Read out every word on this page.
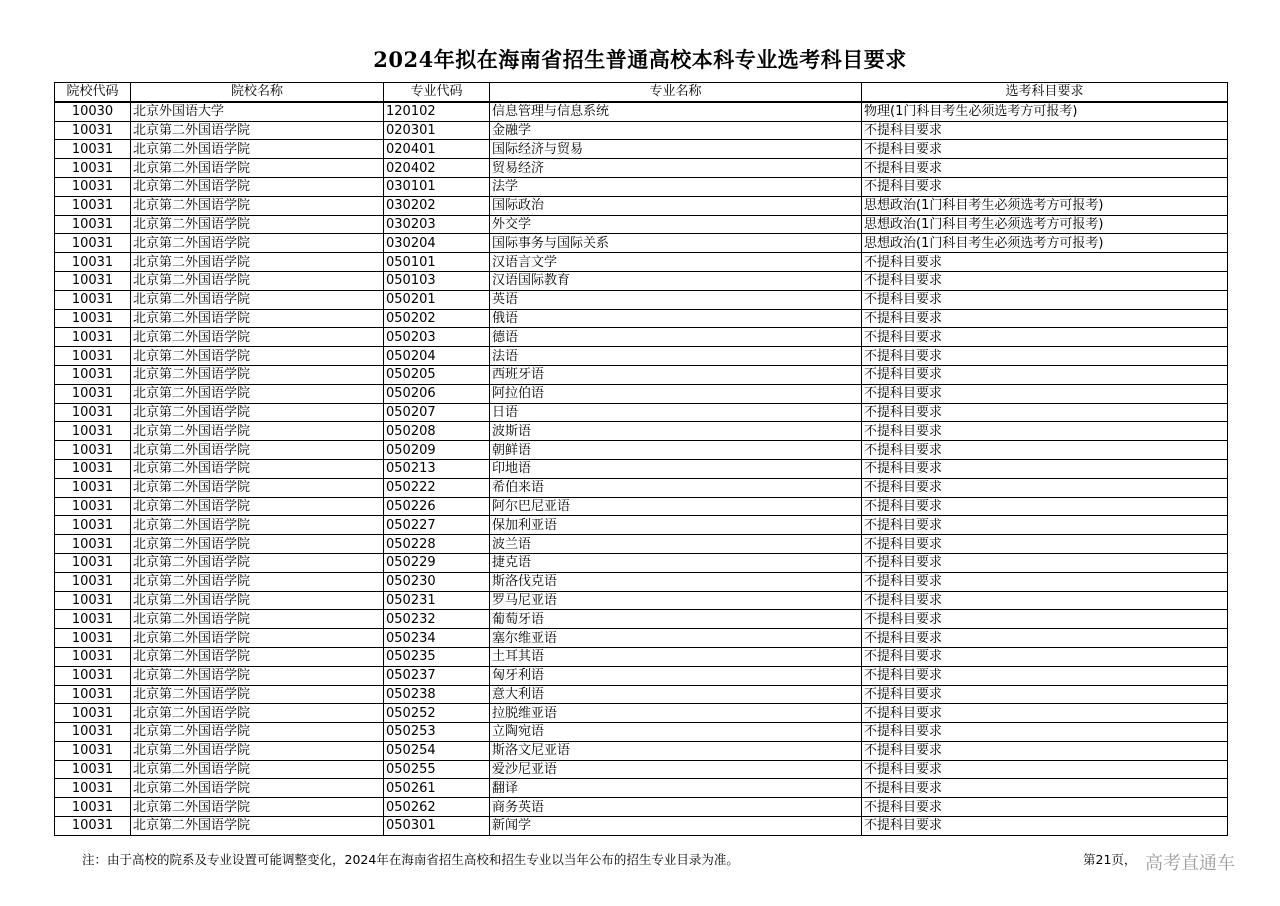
2024年拟在海南省招生普通高校本科专业选考科目要求
院校代码	院校名称	专业代码	专业名称	选考科目要求
10030	北京外国语大学	120102	信息管理与信息系统	物理(1门科目考生必须选考方可报考)
10031	北京第二外国语学院	020301	金融学	不提科目要求
10031	北京第二外国语学院	020401	国际经济与贸易	不提科目要求
10031	北京第二外国语学院	020402	贸易经济	不提科目要求
10031	北京第二外国语学院	030101	法学	不提科目要求
10031	北京第二外国语学院	030202	国际政治	思想政治(1门科目考生必须选考方可报考)
10031	北京第二外国语学院	030203	外交学	思想政治(1门科目考生必须选考方可报考)
10031	北京第二外国语学院	030204	国际事务与国际关系	思想政治(1门科目考生必须选考方可报考)
10031	北京第二外国语学院	050101	汉语言文学	不提科目要求
10031	北京第二外国语学院	050103	汉语国际教育	不提科目要求
10031	北京第二外国语学院	050201	英语	不提科目要求
10031	北京第二外国语学院	050202	俄语	不提科目要求
10031	北京第二外国语学院	050203	德语	不提科目要求
10031	北京第二外国语学院	050204	法语	不提科目要求
10031	北京第二外国语学院	050205	西班牙语	不提科目要求
10031	北京第二外国语学院	050206	阿拉伯语	不提科目要求
10031	北京第二外国语学院	050207	日语	不提科目要求
10031	北京第二外国语学院	050208	波斯语	不提科目要求
10031	北京第二外国语学院	050209	朝鲜语	不提科目要求
10031	北京第二外国语学院	050213	印地语	不提科目要求
10031	北京第二外国语学院	050222	希伯来语	不提科目要求
10031	北京第二外国语学院	050226	阿尔巴尼亚语	不提科目要求
10031	北京第二外国语学院	050227	保加利亚语	不提科目要求
10031	北京第二外国语学院	050228	波兰语	不提科目要求
10031	北京第二外国语学院	050229	捷克语	不提科目要求
10031	北京第二外国语学院	050230	斯洛伐克语	不提科目要求
10031	北京第二外国语学院	050231	罗马尼亚语	不提科目要求
10031	北京第二外国语学院	050232	葡萄牙语	不提科目要求
10031	北京第二外国语学院	050234	塞尔维亚语	不提科目要求
10031	北京第二外国语学院	050235	土耳其语	不提科目要求
10031	北京第二外国语学院	050237	匈牙利语	不提科目要求
10031	北京第二外国语学院	050238	意大利语	不提科目要求
10031	北京第二外国语学院	050252	拉脱维亚语	不提科目要求
10031	北京第二外国语学院	050253	立陶宛语	不提科目要求
10031	北京第二外国语学院	050254	斯洛文尼亚语	不提科目要求
10031	北京第二外国语学院	050255	爱沙尼亚语	不提科目要求
10031	北京第二外国语学院	050261	翻译	不提科目要求
10031	北京第二外国语学院	050262	商务英语	不提科目要求
10031	北京第二外国语学院	050301	新闻学	不提科目要求
注：由于高校的院系及专业设置可能调整变化，2024年在海南省招生高校和招生专业以当年公布的招生专业目录为准。	第21页， 高考直通车
